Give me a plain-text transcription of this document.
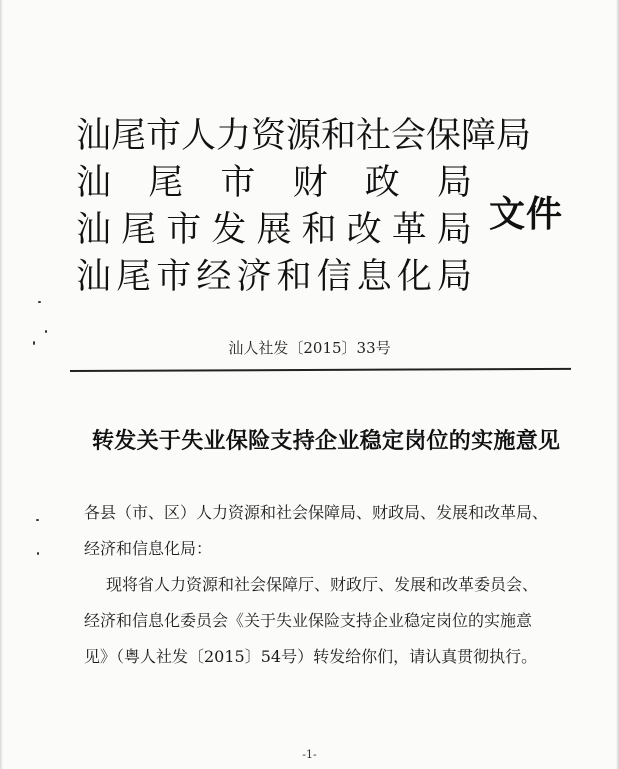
汕尾市人力资源和社会保障局
汕 尾 市 财 政 局
汕 尾 市 发 展 和 改 革 局
汕 尾 市 经 济 和 信 息 化 局
文件
汕人社发〔2015〕33号
转发关于失业保险支持企业稳定岗位的实施意见

各县（市、区）人力资源和社会保障局、财政局、发展和改革局、

经济和信息化局：

现将省人力资源和社会保障厅、财政厅、发展和改革委员会、

经济和信息化委员会《关于失业保险支持企业稳定岗位的实施意

见》（粤人社发〔2015〕54号）转发给你们，请认真贯彻执行。

-1-
